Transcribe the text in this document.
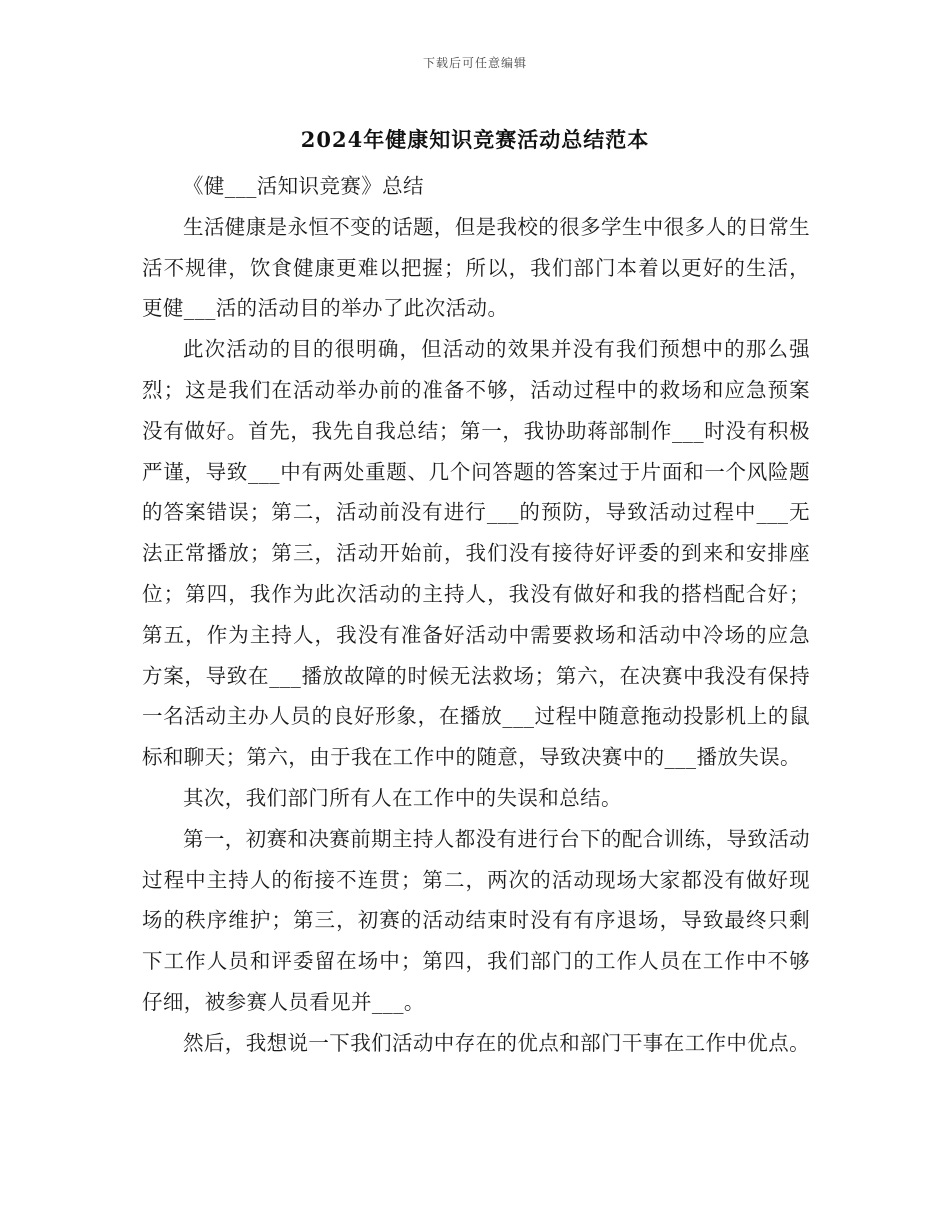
下载后可任意编辑
2024年健康知识竞赛活动总结范本

《健___活知识竞赛》总结

生活健康是永恒不变的话题，但是我校的很多学生中很多人的日常生活不规律，饮食健康更难以把握；所以，我们部门本着以更好的生活，更健___活的活动目的举办了此次活动。

此次活动的目的很明确，但活动的效果并没有我们预想中的那么强烈；这是我们在活动举办前的准备不够，活动过程中的救场和应急预案没有做好。首先，我先自我总结；第一，我协助蒋部制作___时没有积极严谨，导致___中有两处重题、几个问答题的答案过于片面和一个风险题的答案错误；第二，活动前没有进行___的预防，导致活动过程中___无法正常播放；第三，活动开始前，我们没有接待好评委的到来和安排座位；第四，我作为此次活动的主持人，我没有做好和我的搭档配合好；第五，作为主持人，我没有准备好活动中需要救场和活动中冷场的应急方案，导致在___播放故障的时候无法救场；第六，在决赛中我没有保持一名活动主办人员的良好形象，在播放___过程中随意拖动投影机上的鼠标和聊天；第六，由于我在工作中的随意，导致决赛中的___播放失误。

其次，我们部门所有人在工作中的失误和总结。

第一，初赛和决赛前期主持人都没有进行台下的配合训练，导致活动过程中主持人的衔接不连贯；第二，两次的活动现场大家都没有做好现场的秩序维护；第三，初赛的活动结束时没有有序退场，导致最终只剩下工作人员和评委留在场中；第四，我们部门的工作人员在工作中不够仔细，被参赛人员看见并___。

然后，我想说一下我们活动中存在的优点和部门干事在工作中优点。
